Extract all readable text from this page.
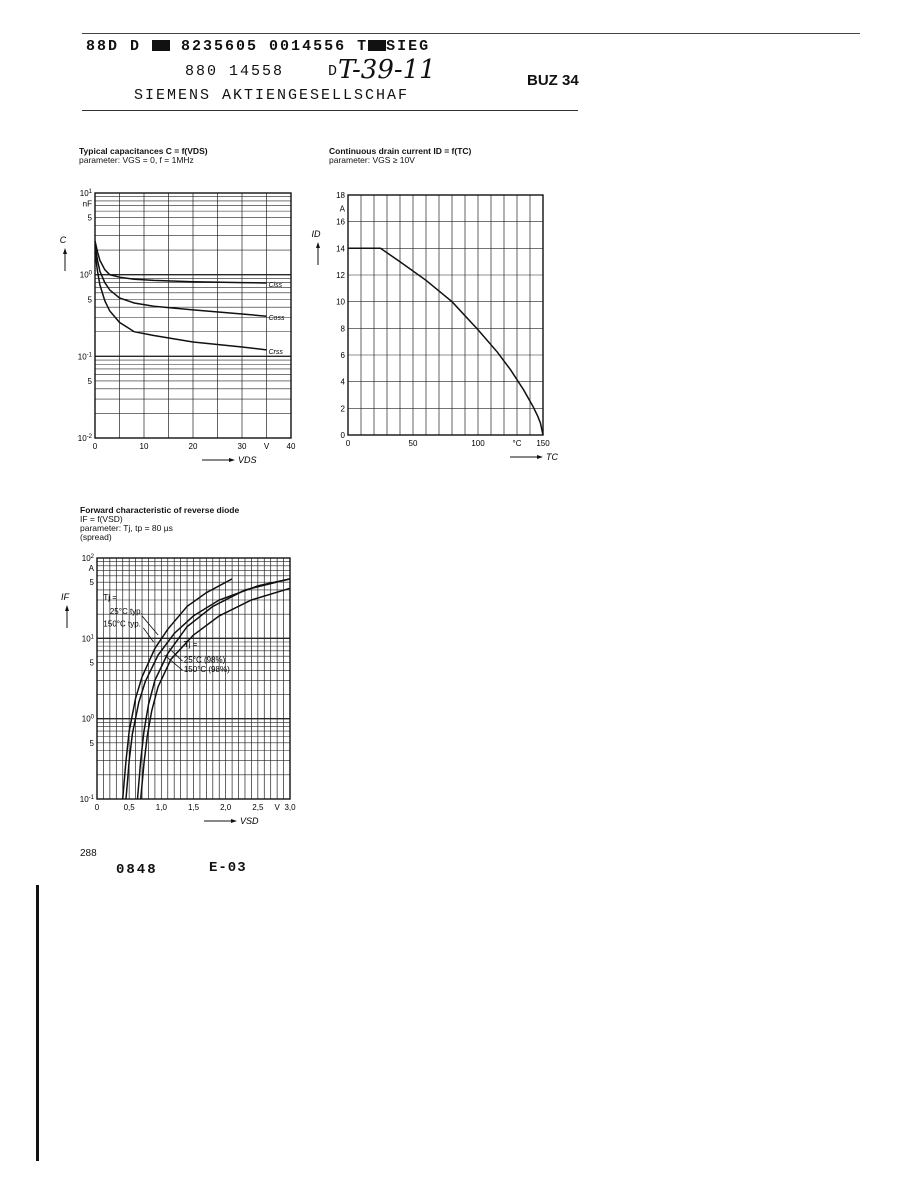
88D D	8235605 0014556 T SIEG
880 14558	D
T-39-11	BUZ 34
SIEMENS AKTIENGESELLSCHAF
Typical capacitances C = f(VDS)
parameter: VGS = 0, f = 1MHz
Continuous drain current ID = f(TC)
parameter: VGS ≥ 10V
Forward characteristic of reverse diode
IF = f(VSD)
parameter: Tj, tp = 80 µs
(spread)
$10^1$
nF
5
$10^0$
5
$10^{-1}$
5
$10^{-2}$
0	10	20	30 V 40
C
VDS
Ciss
Coss
Crss
18
A
16
14
12
10
8
6
4
2
0
0	50	100	°C 150
ID
TC
$10^2$
A
5
$10^1$
5
$10^0$
5
$10^{-1}$
0	0,5	1,0	1,5	2,0	2,5 V 3,0
IF
VSD
Tj =
25°C typ.
150°C typ.
Tj =
25°C (98%)
150°C (98%)
288
0848	E-03
